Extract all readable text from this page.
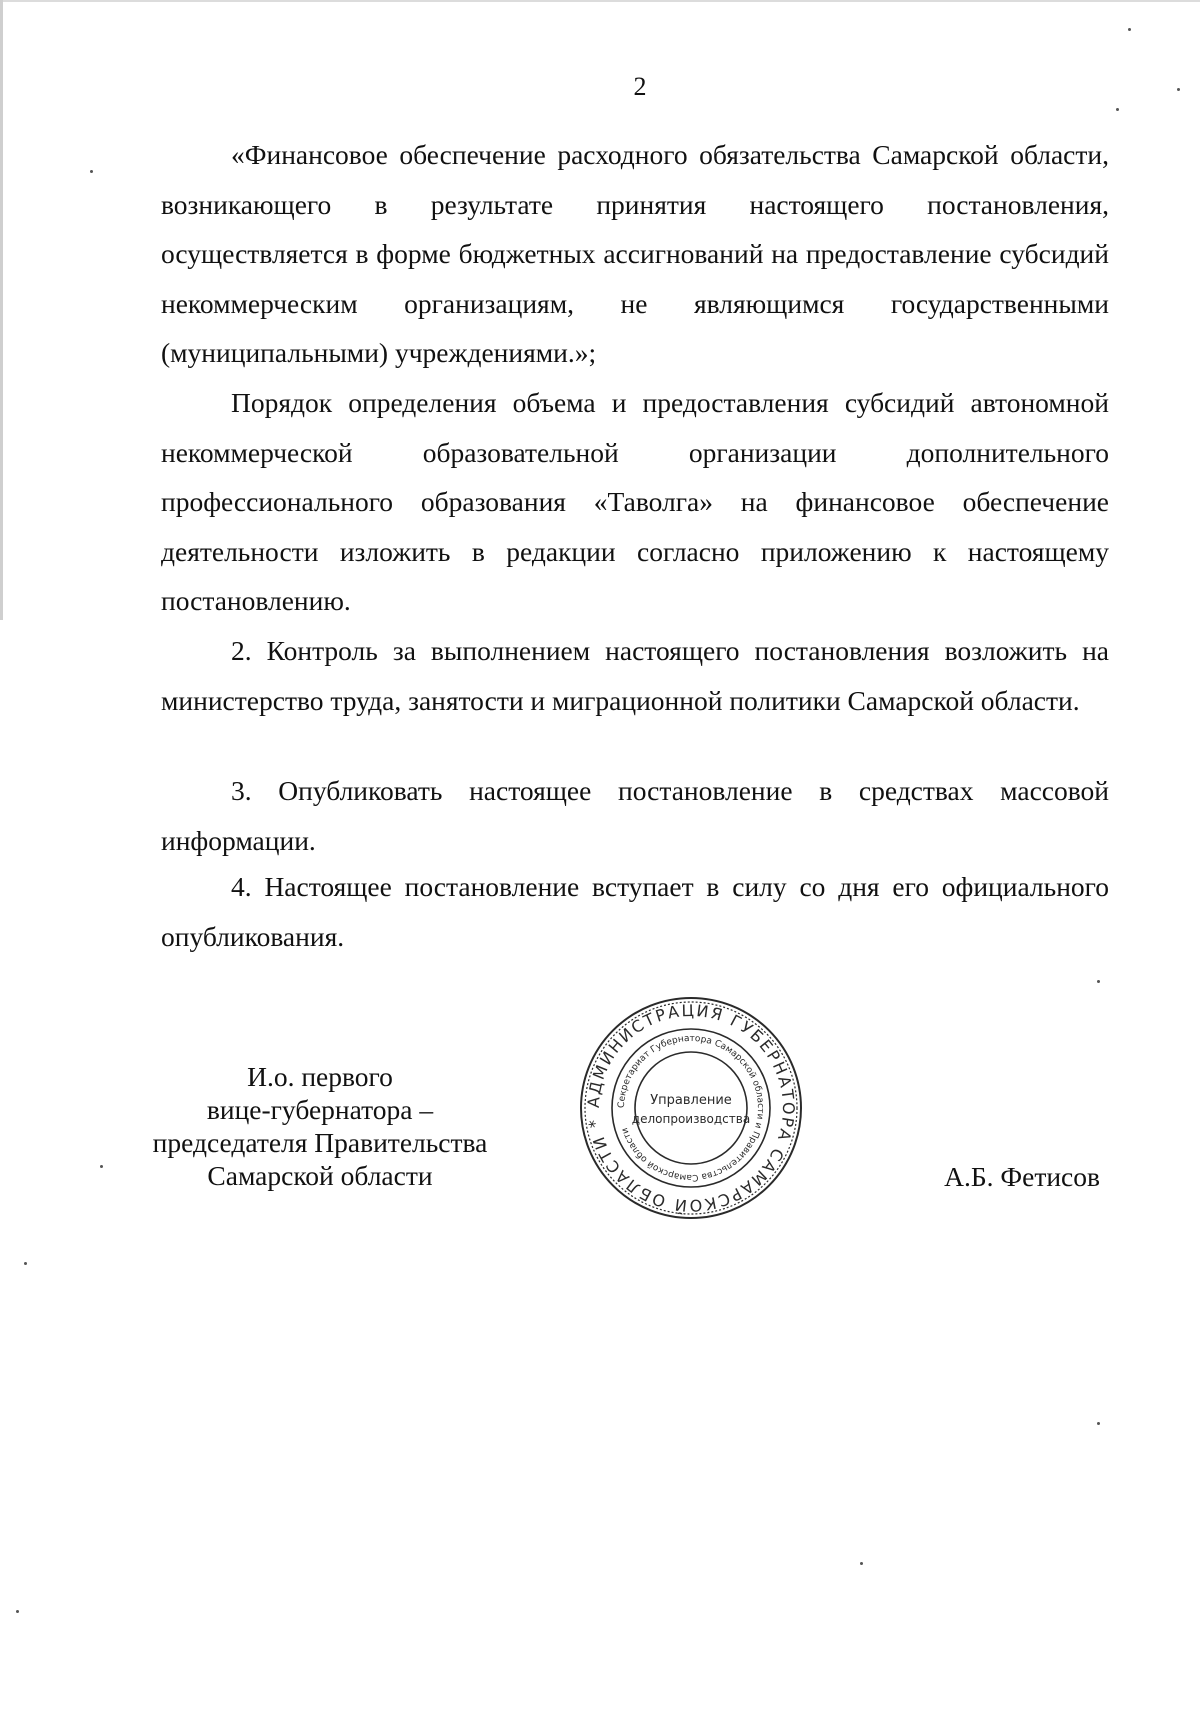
2

«Финансовое обеспечение расходного обязательства Самарской области, возникающего в результате принятия настоящего постановления, осуществляется в форме бюджетных ассигнований на предоставление субсидий некоммерческим организациям, не являющимся государственными (муниципальными) учреждениями.»;

Порядок определения объема и предоставления субсидий автономной некоммерческой образовательной организации дополнительного профессионального образования «Таволга» на финансовое обеспечение деятельности изложить в редакции согласно приложению к настоящему постановлению.

2. Контроль за выполнением настоящего постановления возложить на министерство труда, занятости и миграционной политики Самарской области.

3. Опубликовать настоящее постановление в средствах массовой информации.

4. Настоящее постановление вступает в силу со дня его официального опубликования.

И.о. первого
вице-губернатора –
председателя Правительства
Самарской области
АДМИНИСТРАЦИЯ ГУБЕРНАТОРА САМАРСКОЙ ОБЛАСТИ *
Секретариат Губернатора Самарской области и Правительства Самарской области
Управление
делопроизводства
А.Б. Фетисов
